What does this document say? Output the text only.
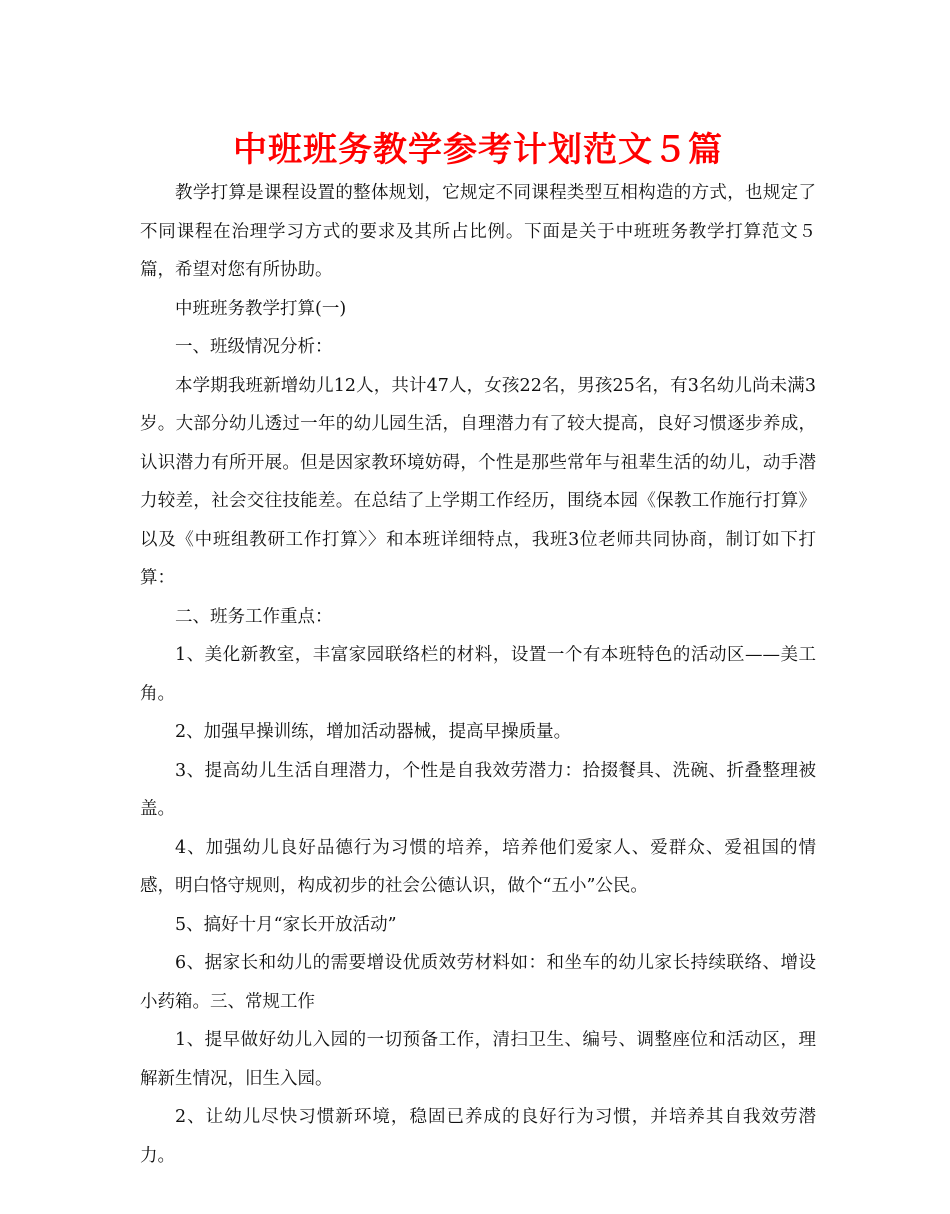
中班班务教学参考计划范文５篇

教学打算是课程设置的整体规划，它规定不同课程类型互相构造的方式，也规定了不同课程在治理学习方式的要求及其所占比例。下面是关于中班班务教学打算范文５篇，希望对您有所协助。

中班班务教学打算(一)

一、班级情况分析：

本学期我班新增幼儿12人，共计47人，女孩22名，男孩25名，有3名幼儿尚未满3岁。大部分幼儿透过一年的幼儿园生活，自理潜力有了较大提高，良好习惯逐步养成，认识潜力有所开展。但是因家教环境妨碍，个性是那些常年与祖辈生活的幼儿，动手潜力较差，社会交往技能差。在总结了上学期工作经历，围绕本园《保教工作施行打算》以及《中班组教研工作打算〉〉和本班详细特点，我班3位老师共同协商，制订如下打算：

二、班务工作重点：

1、美化新教室，丰富家园联络栏的材料，设置一个有本班特色的活动区——美工角。

2、加强早操训练，增加活动器械，提高早操质量。

3、提高幼儿生活自理潜力，个性是自我效劳潜力：拾掇餐具、洗碗、折叠整理被盖。

4、加强幼儿良好品德行为习惯的培养，培养他们爱家人、爱群众、爱祖国的情感，明白恪守规则，构成初步的社会公德认识，做个“五小”公民。

5、搞好十月“家长开放活动”

6、据家长和幼儿的需要增设优质效劳材料如：和坐车的幼儿家长持续联络、增设小药箱。三、常规工作

1、提早做好幼儿入园的一切预备工作，清扫卫生、编号、调整座位和活动区，理解新生情况，旧生入园。

2、让幼儿尽快习惯新环境，稳固已养成的良好行为习惯，并培养其自我效劳潜力。
